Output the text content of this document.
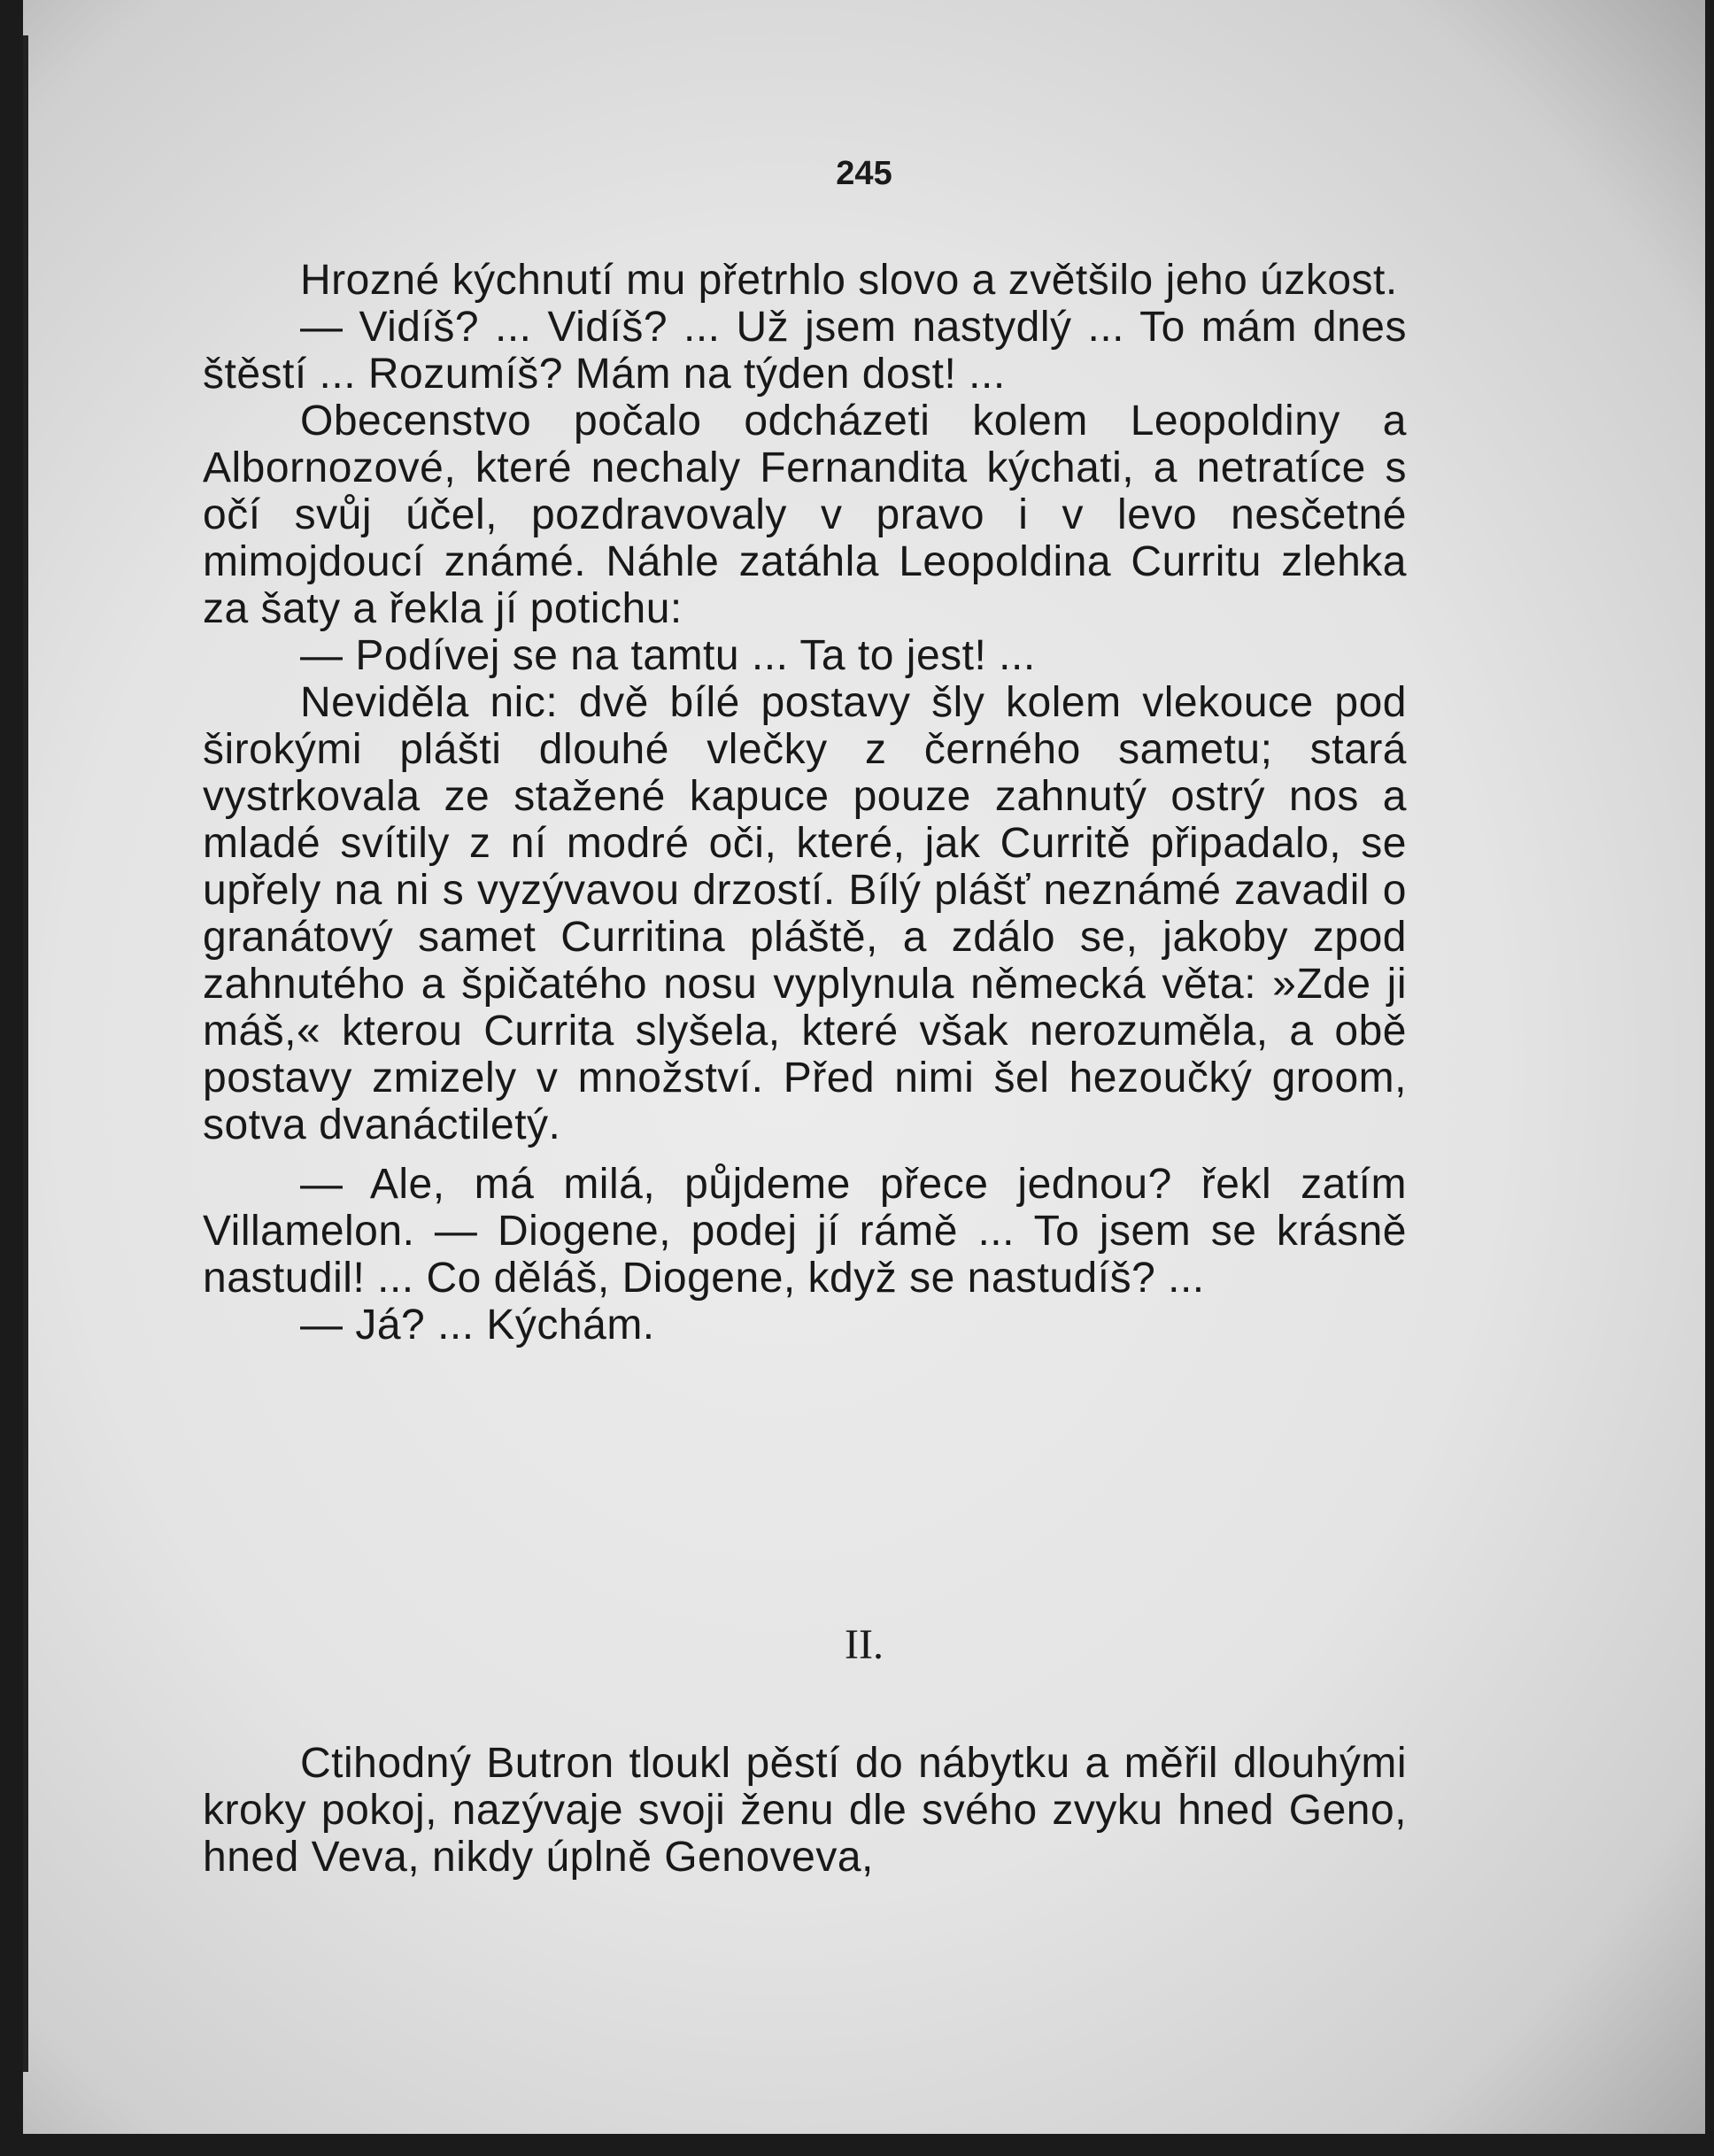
245

Hrozné kýchnutí mu přetrhlo slovo a zvětšilo jeho úzkost.

— Vidíš? ... Vidíš? ... Už jsem nastydlý ... To mám dnes štěstí ... Rozumíš? Mám na týden dost! ...

Obecenstvo počalo odcházeti kolem Leopoldiny a Albornozové, které nechaly Fernandita kýchati, a netratíce s očí svůj účel, pozdravovaly v pravo i v levo nesčetné mimojdoucí známé. Náhle zatáhla Leopoldina Curritu zlehka za šaty a řekla jí potichu:

— Podívej se na tamtu ... Ta to jest! ...

Neviděla nic: dvě bílé postavy šly kolem vlekouce pod širokými plášti dlouhé vlečky z černého sametu; stará vystrkovala ze stažené kapuce pouze zahnutý ostrý nos a mladé svítily z ní modré oči, které, jak Curritě připadalo, se upřely na ni s vyzývavou drzostí. Bílý plášť neznámé zavadil o granátový samet Curritina pláště, a zdálo se, jakoby zpod zahnutého a špičatého nosu vyplynula německá věta: »Zde ji máš,« kterou Currita slyšela, které však nerozuměla, a obě postavy zmizely v množství. Před nimi šel hezoučký groom, sotva dvanáctiletý.

— Ale, má milá, půjdeme přece jednou? řekl zatím Villamelon. — Diogene, podej jí rámě ... To jsem se krásně nastudil! ... Co děláš, Diogene, když se nastudíš? ...

— Já? ... Kýchám.

II.

Ctihodný Butron tloukl pěstí do nábytku a měřil dlouhými kroky pokoj, nazývaje svoji ženu dle svého zvyku hned Geno, hned Veva, nikdy úplně Genoveva,
